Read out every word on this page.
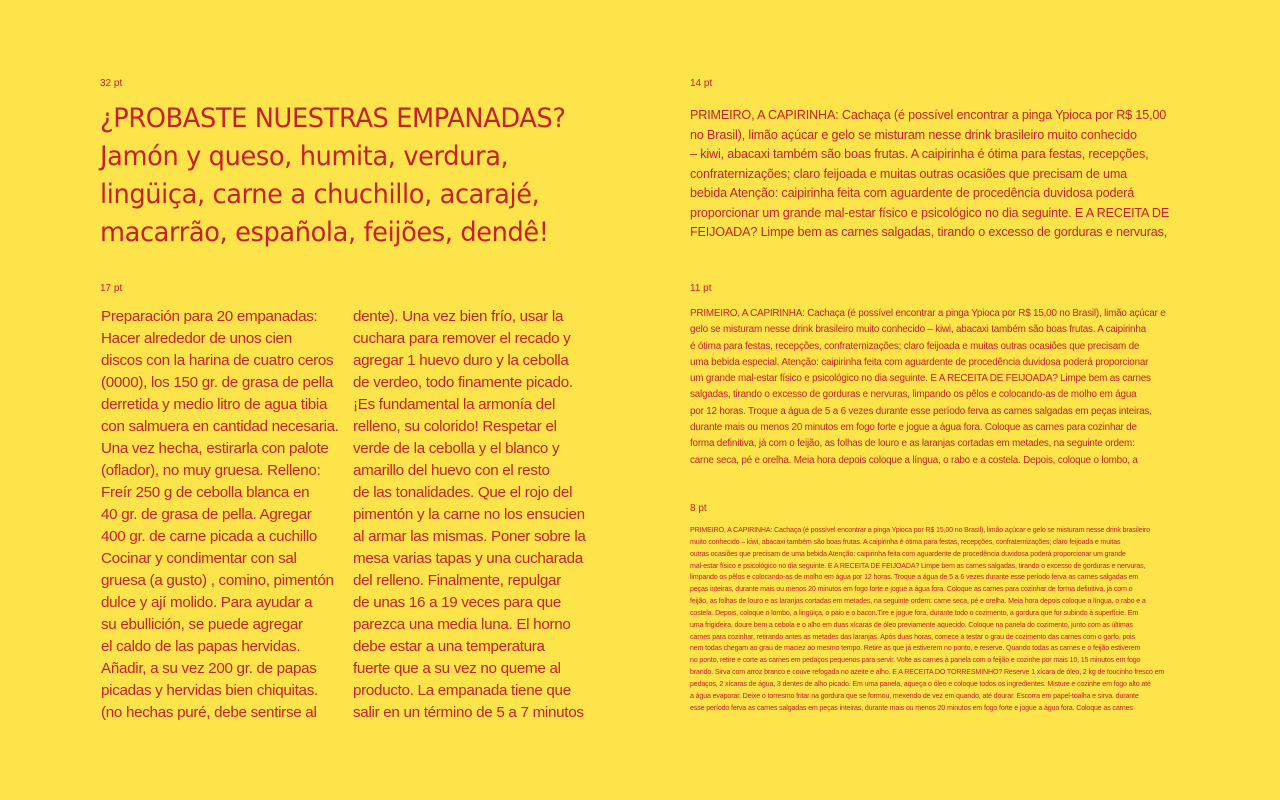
32 pt
¿PROBASTE NUESTRAS EMPANADAS?
Jamón y queso, humita, verdura,
lingüiça, carne a chuchillo, acarajé,
macarrão, española, feijões, dendê!
17 pt
Preparación para 20 empanadas:
Hacer alrededor de unos cien
discos con la harina de cuatro ceros
(0000), los 150 gr. de grasa de pella
derretida y medio litro de agua tibia
con salmuera en cantidad necesaria.
Una vez hecha, estirarla con palote
(oflador), no muy gruesa. Relleno:
Freír 250 g de cebolla blanca en
40 gr. de grasa de pella. Agregar
400 gr. de carne picada a cuchillo
Cocinar y condimentar con sal
gruesa (a gusto) , comino, pimentón
dulce y ají molido. Para ayudar a
su ebullición, se puede agregar
el caldo de las papas hervidas.
Añadir, a su vez 200 gr. de papas
picadas y hervidas bien chiquitas.
(no hechas puré, debe sentirse al
dente). Una vez bien frío, usar la
cuchara para remover el recado y
agregar 1 huevo duro y la cebolla
de verdeo, todo finamente picado.
¡Es fundamental la armonía del
relleno, su colorido! Respetar el
verde de la cebolla y el blanco y
amarillo del huevo con el resto
de las tonalidades. Que el rojo del
pimentón y la carne no los ensucien
al armar las mismas. Poner sobre la
mesa varias tapas y una cucharada
del relleno. Finalmente, repulgar
de unas 16 a 19 veces para que
parezca una media luna. El horno
debe estar a una temperatura
fuerte que a su vez no queme al
producto. La empanada tiene que
salir en un término de 5 a 7 minutos
14 pt
PRIMEIRO, A CAPIRINHA: Cachaça (é possível encontrar a pinga Ypioca por R$ 15,00
no Brasil), limão açúcar e gelo se misturam nesse drink brasileiro muito conhecido
– kiwi, abacaxi também são boas frutas. A caipirinha é ótima para festas, recepções,
confraternizações; claro feijoada e muitas outras ocasiões que precisam de uma
bebida Atenção: caipirinha feita com aguardente de procedência duvidosa poderá
proporcionar um grande mal-estar físico e psicológico no dia seguinte. E A RECEITA DE
FEIJOADA? Limpe bem as carnes salgadas, tirando o excesso de gorduras e nervuras,
11 pt
PRIMEIRO, A CAPIRINHA: Cachaça (é possível encontrar a pinga Ypioca por R$ 15,00 no Brasil), limão açúcar e
gelo se misturam nesse drink brasileiro muito conhecido – kiwi, abacaxi também são boas frutas. A caipirinha
é ótima para festas, recepções, confraternizações; claro feijoada e muitas outras ocasiões que precisam de
uma bebida especial. Atenção: caipirinha feita com aguardente de procedência duvidosa poderá proporcionar
um grande mal-estar físico e psicológico no dia seguinte. E A RECEITA DE FEIJOADA? Limpe bem as carnes
salgadas, tirando o excesso de gorduras e nervuras, limpando os pêlos e colocando-as de molho em água
por 12 horas. Troque a água de 5 a 6 vezes durante esse período ferva as carnes salgadas em peças inteiras,
durante mais ou menos 20 minutos em fogo forte e jogue a água fora. Coloque as carnes para cozinhar de
forma definitiva, já com o feijão, as folhas de louro e as laranjas cortadas em metades, na seguinte ordem:
carne seca, pé e orelha. Meia hora depois coloque a língua, o rabo e a costela. Depois, coloque o lombo, a
8 pt
PRIMEIRO, A CAPIRINHA: Cachaça (é possível encontrar a pinga Ypioca por R$ 15,00 no Brasil), limão açúcar e gelo se misturam nesse drink brasileiro
muito conhecido – kiwi, abacaxi também são boas frutas. A caipirinha é ótima para festas, recepções, confraternizações; claro feijoada e muitas
outras ocasiões que precisam de uma bebida Atenção: caipirinha feita com aguardente de procedência duvidosa poderá proporcionar um grande
mal-estar físico e psicológico no dia seguinte. E A RECEITA DE FEIJOADA? Limpe bem as carnes salgadas, tirando o excesso de gorduras e nervuras,
limpando os pêlos e colocando-as de molho em água por 12 horas. Troque a água de 5 a 6 vezes durante esse período ferva as carnes salgadas em
peças inteiras, durante mais ou menos 20 minutos em fogo forte e jogue a água fora. Coloque as carnes para cozinhar de forma definitiva, já com o
feijão, as folhas de louro e as laranjas cortadas em metades, na seguinte ordem: carne seca, pé e orelha. Meia hora depois coloque a língua, o rabo e a
costela. Depois, coloque o lombo, a lingüiça, o paio e o bacon.Tire e jogue fora, durante todo o cozimento, a gordura que for subindo à superfície. Em
uma frigideira, doure bem a cebola e o alho em duas xícaras de óleo previamente aquecido. Coloque na panela do cozimento, junto com as últimas
carnes para cozinhar, retirando antes as metades das laranjas. Após duas horas, comece a testar o grau de cozimento das carnes com o garfo, pois
nem todas chegam ao grau de maciez ao mesmo tempo. Retire as que já estiverem no ponto, e reserve. Quando todas as carnes e o feijão estiverem
no ponto, retire e corte as carnes em pedaços pequenos para servir. Volte as carnes à panela com o feijão e cozinhe por mais 10, 15 minutos em fogo
brando. Sirva com arroz branco e couve refogada no azeite e alho. E A RECEITA DO TORRESMINHO? Reserve 1 xícara de óleo, 2 kg de toucinho fresco em
pedaços, 2 xícaras de água, 3 dentes de alho picado. Em uma panela, aqueça o óleo e coloque todos os ingredientes. Misture e cozinhe em fogo alto até
a água evaporar. Deixe o torresmo fritar na gordura que se formou, mexendo de vez em quando, até dourar. Escorra em papel-toalha e sirva. durante
esse período ferva as carnes salgadas em peças inteiras, durante mais ou menos 20 minutos em fogo forte e jogue a água fora. Coloque as carnes
